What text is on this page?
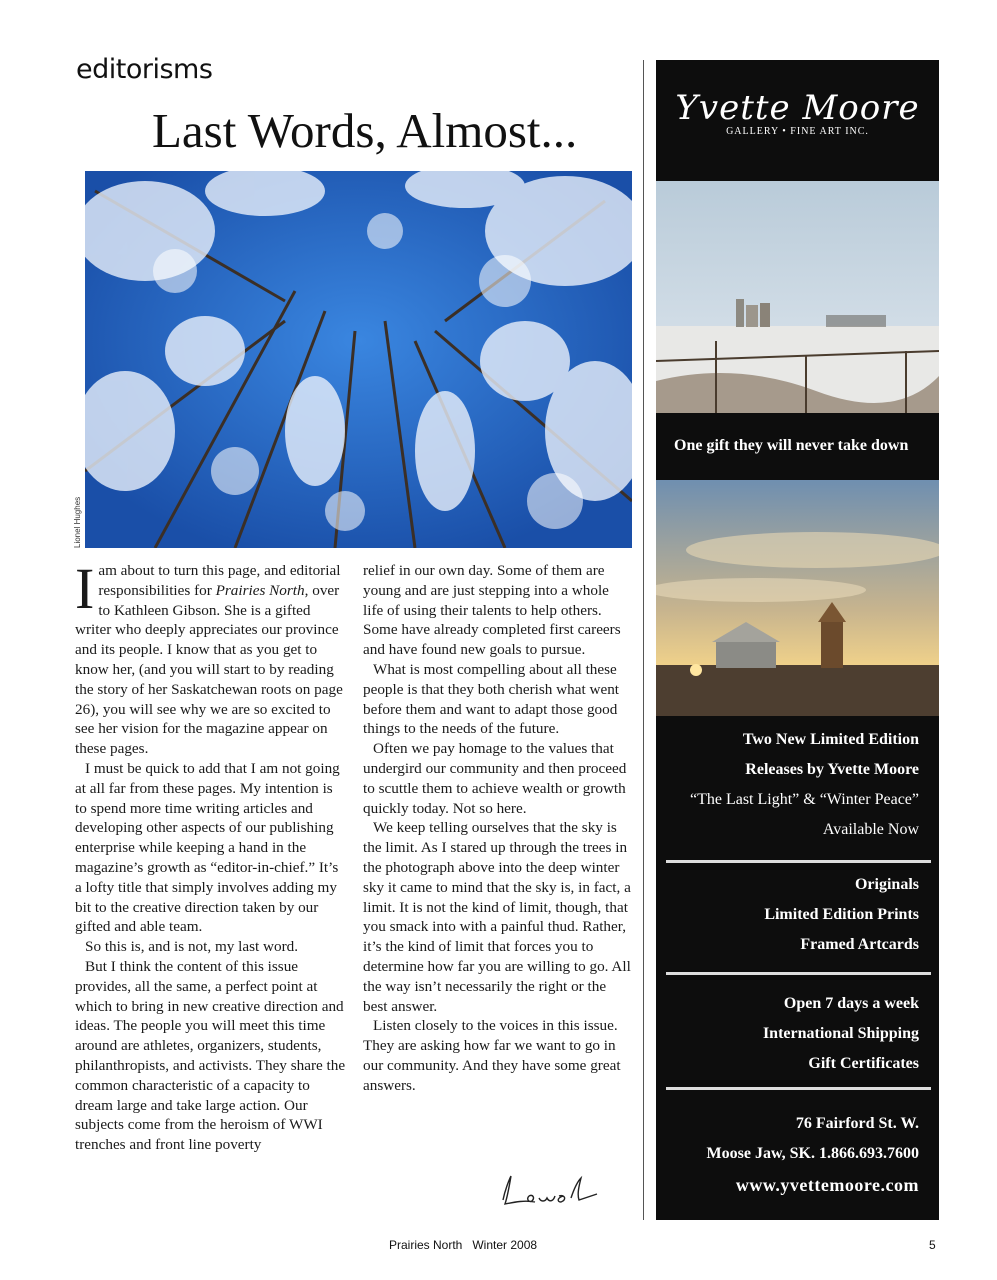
editorisms
Last Words, Almost...
Lionel Hughes

Iam about to turn this page, and editorial responsibilities for Prairies North, over to Kathleen Gibson. She is a gifted writer who deeply appreciates our province and its people. I know that as you get to know her, (and you will start to by reading the story of her Saskatchewan roots on page 26), you will see why we are so excited to see her vision for the magazine appear on these pages.

I must be quick to add that I am not going at all far from these pages. My intention is to spend more time writing articles and developing other aspects of our publishing enterprise while keeping a hand in the magazine’s growth as “editor-in-chief.” It’s a lofty title that simply involves adding my bit to the creative direction taken by our gifted and able team.

So this is, and is not, my last word.

But I think the content of this issue provides, all the same, a perfect point at which to bring in new creative direction and ideas. The people you will meet this time around are athletes, organizers, students, philanthropists, and activists. They share the common characteristic of a capacity to dream large and take large action. Our subjects come from the heroism of WWI trenches and front line poverty

relief in our own day. Some of them are young and are just stepping into a whole life of using their talents to help others. Some have already completed first careers and have found new goals to pursue.

What is most compelling about all these people is that they both cherish what went before them and want to adapt those good things to the needs of the future.

Often we pay homage to the values that undergird our community and then proceed to scuttle them to achieve wealth or growth quickly today. Not so here.

We keep telling ourselves that the sky is the limit. As I stared up through the trees in the photograph above into the deep winter sky it came to mind that the sky is, in fact, a limit. It is not the kind of limit, though, that you smack into with a painful thud. Rather, it’s the kind of limit that forces you to determine how far you are willing to go. All the way isn’t necessarily the right or the best answer.

Listen closely to the voices in this issue. They are asking how far we want to go in our community. And they have some great answers.

Yvette Moore
GALLERY • FINE ART INC.
One gift they will never take down
Two New Limited Edition
Releases by Yvette Moore
“The Last Light” & “Winter Peace”
Available Now
Originals
Limited Edition Prints
Framed Artcards
Open 7 days a week
International Shipping
Gift Certificates
76 Fairford St. W.
Moose Jaw, SK. 1.866.693.7600
www.yvettemoore.com
Prairies North Winter 2008	5
